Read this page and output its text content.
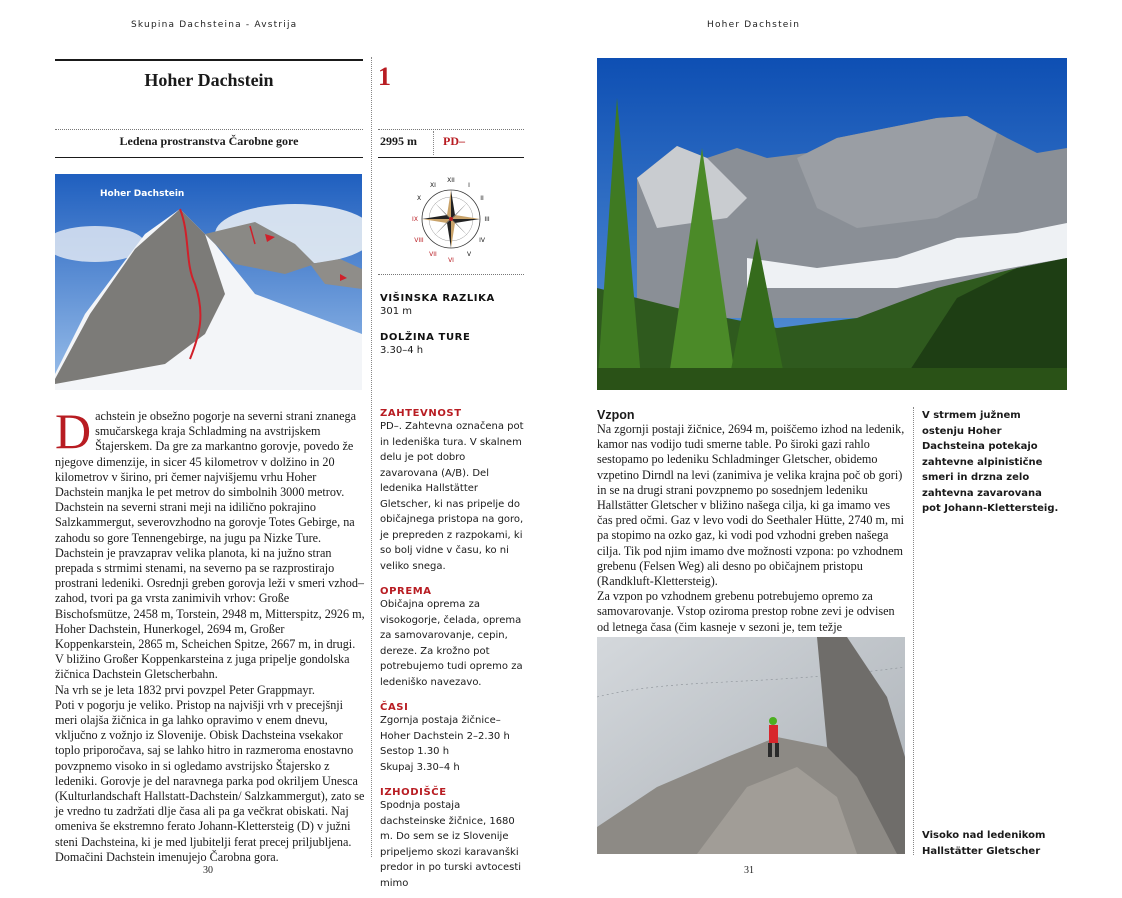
Skupina Dachsteina - Avstrija
Hoher Dachstein
Ledena prostranstva Čarobne gore
1
2995 m PD–
XII
I
II
III
IV
V
VI
VII
VIII
IX
X
XI
Hoher Dachstein
D achstein je obsežno pogorje na severni strani znanega smučarskega kraja Schladming na avstrijskem Štajerskem. Da gre za markantno gorovje, povedo že njegove dimenzije, in sicer 45 kilometrov v dolžino in 20 kilometrov v širino, pri čemer najvišjemu vrhu Hoher Dachstein manjka le pet metrov do simbolnih 3000 metrov. Dachstein na severni strani meji na idilično pokrajino Salzkammergut, severovzhodno na gorovje Totes Gebirge, na zahodu so gore Tennengebirge, na jugu pa Nizke Ture. Dachstein je pravzaprav velika planota, ki na južno stran prepada s strmimi stenami, na severno pa se razprostirajo prostrani ledeniki. Osrednji greben gorovja leži v smeri vzhod–zahod, tvori pa ga vrsta zanimivih vrhov: Große Bischofsmütze, 2458 m, Torstein, 2948 m, Mitterspitz, 2926 m, Hoher Dachstein, Hunerkogel, 2694 m, Großer Koppenkarstein, 2865 m, Scheichen Spitze, 2667 m, in drugi. V bližino Großer Koppenkarsteina z juga pripelje gondolska žičnica Dachstein Gletscherbahn.

Na vrh se je leta 1832 prvi povzpel Peter Grappmayr.

Poti v pogorju je veliko. Pristop na najvišji vrh v precejšnji meri olajša žičnica in ga lahko opravimo v enem dnevu, vključno z vožnjo iz Slovenije. Obisk Dachsteina vsekakor toplo priporočava, saj se lahko hitro in razmeroma enostavno povzpnemo visoko in si ogledamo avstrijsko Štajersko z ledeniki. Gorovje je del naravnega parka pod okriljem Unesca (Kulturlandschaft Hallstatt-Dachstein/ Salzkammergut), zato se je vredno tu zadržati dlje časa ali pa ga večkrat obiskati. Naj omeniva še ekstremno ferato Johann-Klettersteig (D) v južni steni Dachsteina, ki je med ljubitelji ferat precej priljubljena. Domačini Dachstein imenujejo Čarobna gora.

VIŠINSKA RAZLIKA

301 m

DOLŽINA TURE

3.30–4 h

ZAHTEVNOST

PD–. Zahtevna označena pot in ledeniška tura. V skalnem delu je pot dobro zavarovana (A/B). Del ledenika Hallstätter Gletscher, ki nas pripelje do običajnega pristopa na goro, je prepreden z razpokami, ki so bolj vidne v času, ko ni veliko snega.

OPREMA

Običajna oprema za visokogorje, čelada, oprema za samovarovanje, cepin, dereze. Za krožno pot potrebujemo tudi opremo za ledeniško navezavo.

ČASI

Zgornja postaja žičnice–

Hoher Dachstein 2–2.30 h

Sestop 1.30 h

Skupaj 3.30–4 h

IZHODIŠČE

Spodnja postaja dachsteinske žičnice, 1680 m. Do sem se iz Slovenije pripeljemo skozi karavanški predor in po turski avtocesti mimo

30
Hoher Dachstein
Vzpon

Na zgornji postaji žičnice, 2694 m, poiščemo izhod na ledenik, kamor nas vodijo tudi smerne table. Po široki gazi rahlo sestopamo po ledeniku Schladminger Gletscher, obidemo vzpetino Dirndl na levi (zanimiva je velika krajna poč ob gori) in se na drugi strani povzpnemo po sosednjem ledeniku Hallstätter Gletscher v bližino našega cilja, ki ga imamo ves čas pred očmi. Gaz v levo vodi do Seethaler Hütte, 2740 m, mi pa stopimo na ozko gaz, ki vodi pod vzhodni greben našega cilja. Tik pod njim imamo dve možnosti vzpona: po vzhodnem grebenu (Felsen Weg) ali desno po običajnem pristopu (Randkluft-Klettersteig).

Za vzpon po vzhodnem grebenu potrebujemo opremo za samovarovanje. Vstop oziroma prestop robne zevi je odvisen od letnega časa (čim kasneje v sezoni je, tem težje

V strmem južnem ostenju Hoher Dachsteina potekajo zahtevne alpinistične smeri in drzna zelo zahtevna zavarovana pot Johann-Klettersteig.
Visoko nad ledenikom Hallstätter Gletscher
31
